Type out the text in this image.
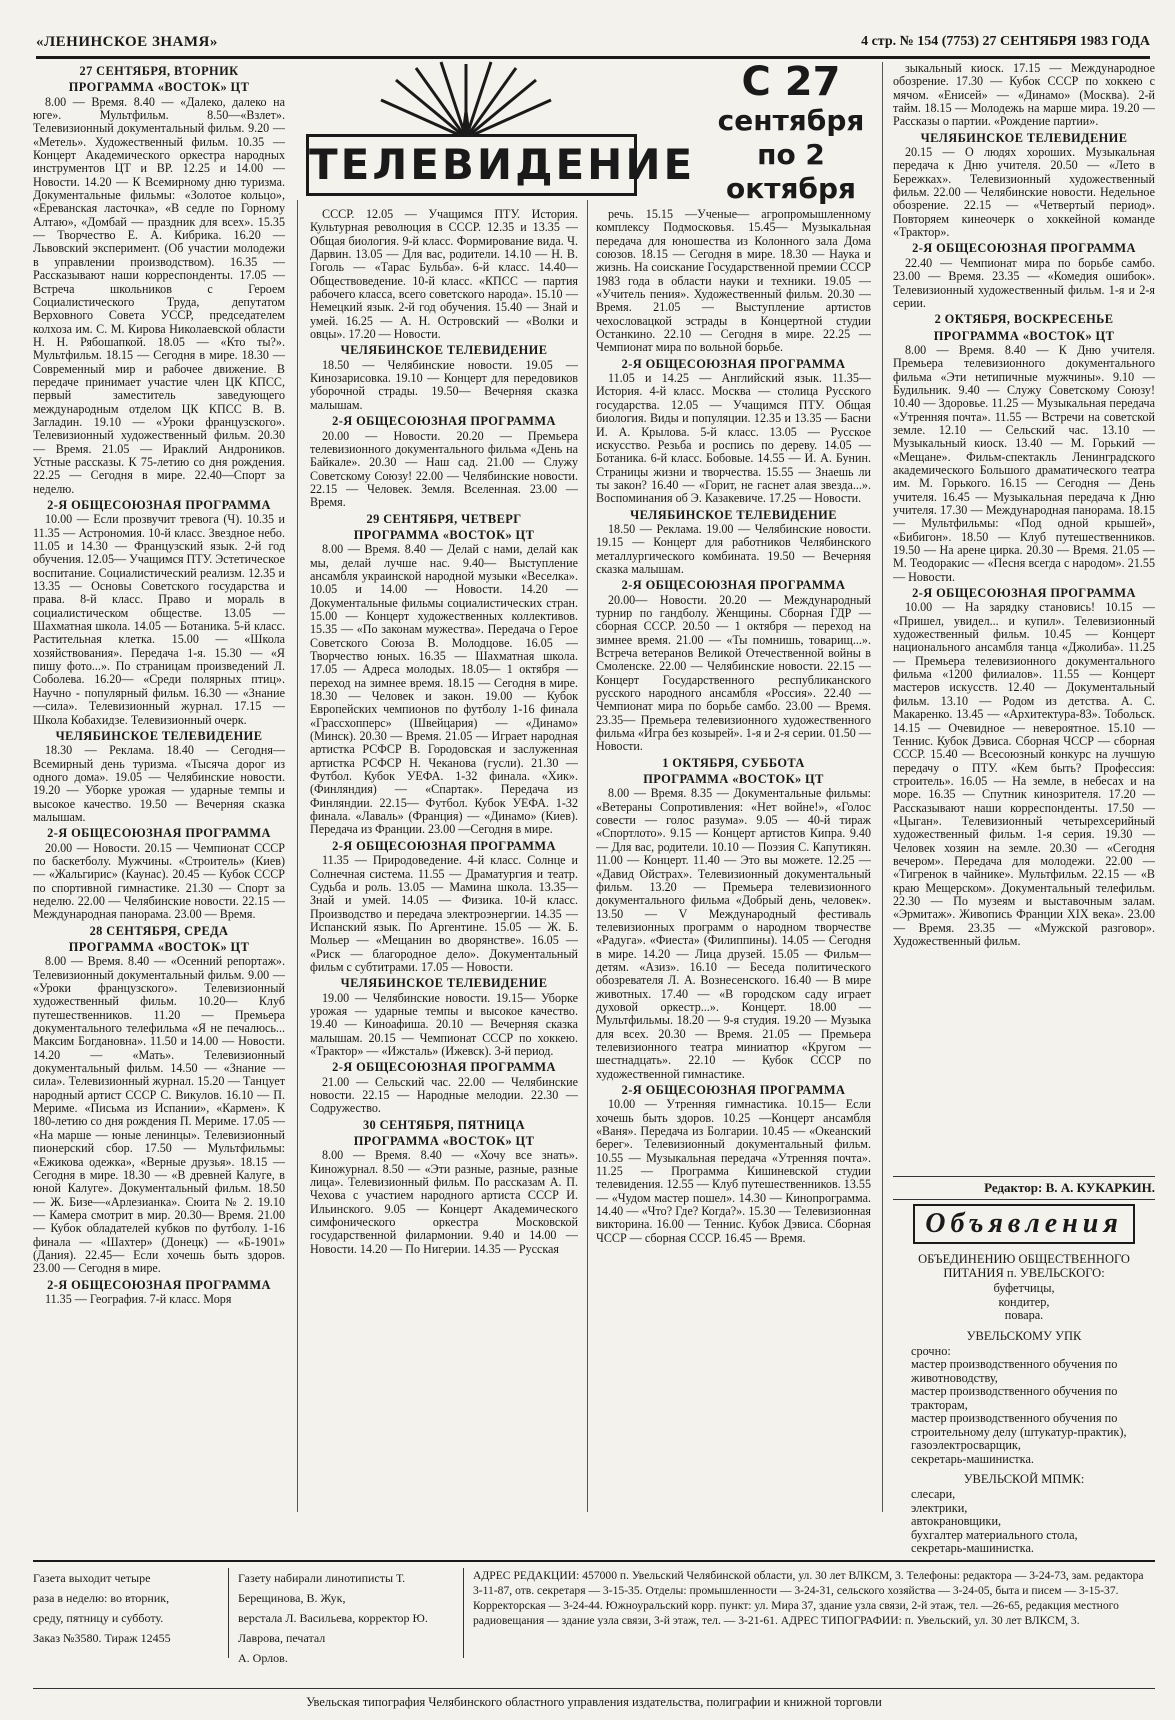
«ЛЕНИНСКОЕ ЗНАМЯ»	4 стр. № 154 (7753) 27 СЕНТЯБРЯ 1983 ГОДА
ТЕЛЕВИДЕНИЕ
С 27
сентября
по 2
октября
27 СЕНТЯБРЯ, ВТОРНИК
ПРОГРАММА «ВОСТОК» ЦТ

8.00 — Время. 8.40 — «Далеко, далеко на юге». Мультфильм. 8.50—«Взлет». Телевизионный документальный фильм. 9.20 — «Метель». Художественный фильм. 10.35 — Концерт Академического оркестра народных инструментов ЦТ и ВР. 12.25 и 14.00 — Новости. 14.20 — К Всемирному дню туризма. Документальные фильмы: «Золотое кольцо», «Ереванская ласточка», «В седле по Горному Алтаю», «Домбай — праздник для всех». 15.35 — Творчество Е. А. Кибрика. 16.20 — Львовский эксперимент. (Об участии молодежи в управлении производством). 16.35 — Рассказывают наши корреспонденты. 17.05 — Встреча школьников с Героем Социалистического Труда, депутатом Верховного Совета УССР, председателем колхоза им. С. М. Кирова Николаевской области Н. Н. Рябошапкой. 18.05 — «Кто ты?». Мультфильм. 18.15 — Сегодня в мире. 18.30 — Современный мир и рабочее движение. В передаче принимает участие член ЦК КПСС, первый заместитель заведующего международным отделом ЦК КПСС В. В. Загладин. 19.10 — «Уроки французского». Телевизионный художественный фильм. 20.30 — Время. 21.05 — Ираклий Андроников. Устные рассказы. К 75-летию со дня рождения. 22.25 — Сегодня в мире. 22.40—Спорт за неделю.

2-Я ОБЩЕСОЮЗНАЯ ПРОГРАММА

10.00 — Если прозвучит тревога (Ч). 10.35 и 11.35 — Астрономия. 10-й класс. Звездное небо. 11.05 и 14.30 — Французский язык. 2-й год обучения. 12.05— Учащимся ПТУ. Эстетическое воспитание. Социалистический реализм. 12.35 и 13.35 — Основы Советского государства и права. 8-й класс. Право и мораль в социалистическом обществе. 13.05 — Шахматная школа. 14.05 — Ботаника. 5-й класс. Растительная клетка. 15.00 — «Школа хозяйствования». Передача 1-я. 15.30 — «Я пишу фото...». По страницам произведений Л. Соболева. 16.20— «Среди полярных птиц». Научно - популярный фильм. 16.30 — «Знание—сила». Телевизионный журнал. 17.15 — Школа Кобахидзе. Телевизионный очерк.

ЧЕЛЯБИНСКОЕ ТЕЛЕВИДЕНИЕ

18.30 — Реклама. 18.40 — Сегодня— Всемирный день туризма. «Тысяча дорог из одного дома». 19.05 — Челябинские новости. 19.20 — Уборке урожая — ударные темпы и высокое качество. 19.50 — Вечерняя сказка малышам.

2-Я ОБЩЕСОЮЗНАЯ ПРОГРАММА

20.00 — Новости. 20.15 — Чемпионат СССР по баскетболу. Мужчины. «Строитель» (Киев) — «Жальгирис» (Каунас). 20.45 — Кубок СССР по спортивной гимнастике. 21.30 — Спорт за неделю. 22.00 — Челябинские новости. 22.15 — Международная панорама. 23.00 — Время.

28 СЕНТЯБРЯ, СРЕДА
ПРОГРАММА «ВОСТОК» ЦТ

8.00 — Время. 8.40 — «Осенний репортаж». Телевизионный документальный фильм. 9.00 — «Уроки французского». Телевизионный художественный фильм. 10.20— Клуб путешественников. 11.20 — Премьера документального телефильма «Я не печалюсь... Максим Богдановна». 11.50 и 14.00 — Новости. 14.20 — «Мать». Телевизионный документальный фильм. 14.50 — «Знание — сила». Телевизионный журнал. 15.20 — Танцует народный артист СССР С. Викулов. 16.10 — П. Мериме. «Письма из Испании», «Кармен». К 180-летию со дня рождения П. Мериме. 17.05 — «На марше — юные ленинцы». Телевизионный пионерский сбор. 17.50 — Мультфильмы: «Ежикова одежка», «Верные друзья». 18.15 — Сегодня в мире. 18.30 — «В древней Калуге, в юной Калуге». Документальный фильм. 18.50 — Ж. Бизе—«Арлезианка». Сюита № 2. 19.10 — Камера смотрит в мир. 20.30— Время. 21.00— Кубок обладателей кубков по футболу. 1-16 финала — «Шахтер» (Донецк) — «Б-1901» (Дания). 22.45— Если хочешь быть здоров. 23.00 — Сегодня в мире.

2-Я ОБЩЕСОЮЗНАЯ ПРОГРАММА

11.35 — География. 7-й класс. Моря

СССР. 12.05 — Учащимся ПТУ. История. Культурная революция в СССР. 12.35 и 13.35 — Общая биология. 9-й класс. Формирование вида. Ч. Дарвин. 13.05 — Для вас, родители. 14.10 — Н. В. Гоголь — «Тарас Бульба». 6-й класс. 14.40—Обществоведение. 10-й класс. «КПСС — партия рабочего класса, всего советского народа». 15.10 — Немецкий язык. 2-й год обучения. 15.40 — Знай и умей. 16.25 — А. Н. Островский — «Волки и овцы». 17.20 — Новости.

ЧЕЛЯБИНСКОЕ ТЕЛЕВИДЕНИЕ

18.50 — Челябинские новости. 19.05 — Кинозарисовка. 19.10 — Концерт для передовиков уборочной страды. 19.50— Вечерняя сказка малышам.

2-Я ОБЩЕСОЮЗНАЯ ПРОГРАММА

20.00 — Новости. 20.20 — Премьера телевизионного документального фильма «День на Байкале». 20.30 — Наш сад. 21.00 — Служу Советскому Союзу! 22.00 — Челябинские новости. 22.15 — Человек. Земля. Вселенная. 23.00 — Время.

29 СЕНТЯБРЯ, ЧЕТВЕРГ
ПРОГРАММА «ВОСТОК» ЦТ

8.00 — Время. 8.40 — Делай с нами, делай как мы, делай лучше нас. 9.40— Выступление ансамбля украинской народной музыки «Веселка». 10.05 и 14.00 — Новости. 14.20 — Документальные фильмы социалистических стран. 15.00 — Концерт художественных коллективов. 15.35 — «По законам мужества». Передача о Герое Советского Союза В. Молодцове. 16.05 — Творчество юных. 16.35 — Шахматная школа. 17.05 — Адреса молодых. 18.05— 1 октября — переход на зимнее время. 18.15 — Сегодня в мире. 18.30 — Человек и закон. 19.00 — Кубок Европейских чемпионов по футболу 1-16 финала «Грассхопперс» (Швейцария) — «Динамо» (Минск). 20.30 — Время. 21.05 — Играет народная артистка РСФСР В. Городовская и заслуженная артистка РСФСР Н. Чеканова (гусли). 21.30 — Футбол. Кубок УЕФА. 1-32 финала. «Хик». (Финляндия) — «Спартак». Передача из Финляндии. 22.15— Футбол. Кубок УЕФА. 1-32 финала. «Лаваль» (Франция) — «Динамо» (Киев). Передача из Франции. 23.00 —Сегодня в мире.

2-Я ОБЩЕСОЮЗНАЯ ПРОГРАММА

11.35 — Природоведение. 4-й класс. Солнце и Солнечная система. 11.55 — Драматургия и театр. Судьба и роль. 13.05 — Мамина школа. 13.35— Знай и умей. 14.05 — Физика. 10-й класс. Производство и передача электроэнергии. 14.35 — Испанский язык. По Аргентине. 15.05 — Ж. Б. Мольер — «Мещанин во дворянстве». 16.05 — «Риск — благородное дело». Документальный фильм с субтитрами. 17.05 — Новости.

ЧЕЛЯБИНСКОЕ ТЕЛЕВИДЕНИЕ

19.00 — Челябинские новости. 19.15— Уборке урожая — ударные темпы и высокое качество. 19.40 — Киноафиша. 20.10 — Вечерняя сказка малышам. 20.15 — Чемпионат СССР по хоккею. «Трактор» — «Ижсталь» (Ижевск). 3-й период.

2-Я ОБЩЕСОЮЗНАЯ ПРОГРАММА

21.00 — Сельский час. 22.00 — Челябинские новости. 22.15 — Народные мелодии. 22.30 — Содружество.

30 СЕНТЯБРЯ, ПЯТНИЦА
ПРОГРАММА «ВОСТОК» ЦТ

8.00 — Время. 8.40 — «Хочу все знать». Киножурнал. 8.50 — «Эти разные, разные, разные лица». Телевизионный фильм. По рассказам А. П. Чехова с участием народного артиста СССР И. Ильинского. 9.05 — Концерт Академического симфонического оркестра Московской государственной филармонии. 9.40 и 14.00 — Новости. 14.20 — По Нигерии. 14.35 — Русская

речь. 15.15 —Ученые— агропромышленному комплексу Подмосковья. 15.45— Музыкальная передача для юношества из Колонного зала Дома союзов. 18.15 — Сегодня в мире. 18.30 — Наука и жизнь. На соискание Государственной премии СССР 1983 года в области науки и техники. 19.05 — «Учитель пения». Художественный фильм. 20.30 — Время. 21.05 — Выступление артистов чехословацкой эстрады в Концертной студии Останкино. 22.10 — Сегодня в мире. 22.25 —Чемпионат мира по вольной борьбе.

2-Я ОБЩЕСОЮЗНАЯ ПРОГРАММА

11.05 и 14.25 — Английский язык. 11.35— История. 4-й класс. Москва — столица Русского государства. 12.05 — Учащимся ПТУ. Общая биология. Виды и популяции. 12.35 и 13.35 — Басни И. А. Крылова. 5-й класс. 13.05 — Русское искусство. Резьба и роспись по дереву. 14.05 — Ботаника. 6-й класс. Бобовые. 14.55 — И. А. Бунин. Страницы жизни и творчества. 15.55 — Знаешь ли ты закон? 16.40 — «Горит, не гаснет алая звезда...». Воспоминания об Э. Казакевиче. 17.25 — Новости.

ЧЕЛЯБИНСКОЕ ТЕЛЕВИДЕНИЕ

18.50 — Реклама. 19.00 — Челябинские новости. 19.15 — Концерт для работников Челябинского металлургического комбината. 19.50 — Вечерняя сказка малышам.

2-Я ОБЩЕСОЮЗНАЯ ПРОГРАММА

20.00— Новости. 20.20 — Международный турнир по гандболу. Женщины. Сборная ГДР — сборная СССР. 20.50 — 1 октября — переход на зимнее время. 21.00 — «Ты помнишь, товарищ...». Встреча ветеранов Великой Отечественной войны в Смоленске. 22.00 — Челябинские новости. 22.15 — Концерт Государственного республиканского русского народного ансамбля «Россия». 22.40 — Чемпионат мира по борьбе самбо. 23.00 — Время. 23.35— Премьера телевизионного художественного фильма «Игра без козырей». 1-я и 2-я серии. 01.50 — Новости.

1 ОКТЯБРЯ, СУББОТА
ПРОГРАММА «ВОСТОК» ЦТ

8.00 — Время. 8.35 — Документальные фильмы: «Ветераны Сопротивления: «Нет войне!», «Голос совести — голос разума». 9.05 — 40-й тираж «Спортлото». 9.15 — Концерт артистов Кипра. 9.40 — Для вас, родители. 10.10 — Поэзия С. Капутикян. 11.00 — Концерт. 11.40 — Это вы можете. 12.25 — «Давид Ойстрах». Телевизионный документальный фильм. 13.20 — Премьера телевизионного документального фильма «Добрый день, человек». 13.50 — V Международный фестиваль телевизионных программ о народном творчестве «Радуга». «Фиеста» (Филиппины). 14.05 — Сегодня в мире. 14.20 — Лица друзей. 15.05 — Фильм—детям. «Азиз». 16.10 — Беседа политического обозревателя Л. А. Вознесенского. 16.40 — В мире животных. 17.40 — «В городском саду играет духовой оркестр...». Концерт. 18.00 — Мультфильмы. 18.20 — 9-я студия. 19.20 — Музыка для всех. 20.30 — Время. 21.05 — Премьера телевизионного театра миниатюр «Кругом — шестнадцать». 22.10 — Кубок СССР по художественной гимнастике.

2-Я ОБЩЕСОЮЗНАЯ ПРОГРАММА

10.00 — Утренняя гимнастика. 10.15— Если хочешь быть здоров. 10.25 —Концерт ансамбля «Ваня». Передача из Болгарии. 10.45 — «Океанский берег». Телевизионный документальный фильм. 10.55 — Музыкальная передача «Утренняя почта». 11.25 — Программа Кишиневской студии телевидения. 12.55 — Клуб путешественников. 13.55 — «Чудом мастер пошел». 14.30 — Кинопрограмма. 14.40 — «Что? Где? Когда?». 15.30 — Телевизионная викторина. 16.00 — Теннис. Кубок Дэвиса. Сборная ЧССР — сборная СССР. 16.45 — Время.

зыкальный киоск. 17.15 — Международное обозрение. 17.30 — Кубок СССР по хоккею с мячом. «Енисей» — «Динамо» (Москва). 2-й тайм. 18.15 — Молодежь на марше мира. 19.20 — Рассказы о партии. «Рождение партии».

ЧЕЛЯБИНСКОЕ ТЕЛЕВИДЕНИЕ

20.15 — О людях хороших. Музыкальная передача к Дню учителя. 20.50 — «Лето в Бережках». Телевизионный художественный фильм. 22.00 — Челябинские новости. Недельное обозрение. 22.15 — «Четвертый период». Повторяем кинеочерк о хоккейной команде «Трактор».

2-Я ОБЩЕСОЮЗНАЯ ПРОГРАММА

22.40 — Чемпионат мира по борьбе самбо. 23.00 — Время. 23.35 — «Комедия ошибок». Телевизионный художественный фильм. 1-я и 2-я серии.

2 ОКТЯБРЯ, ВОСКРЕСЕНЬЕ
ПРОГРАММА «ВОСТОК» ЦТ

8.00 — Время. 8.40 — К Дню учителя. Премьера телевизионного документального фильма «Эти нетипичные мужчины». 9.10 — Будильник. 9.40 — Служу Советскому Союзу! 10.40 — Здоровье. 11.25 — Музыкальная передача «Утренняя почта». 11.55 — Встречи на советской земле. 12.10 — Сельский час. 13.10 — Музыкальный киоск. 13.40 — М. Горький — «Мещане». Фильм-спектакль Ленинградского академического Большого драматического театра им. М. Горького. 16.15 — Сегодня — День учителя. 16.45 — Музыкальная передача к Дню учителя. 17.30 — Международная панорама. 18.15 — Мультфильмы: «Под одной крышей», «Бибигон». 18.50 — Клуб путешественников. 19.50 — На арене цирка. 20.30 — Время. 21.05 — М. Теодоракис — «Песня всегда с народом». 21.55 — Новости.

2-Я ОБЩЕСОЮЗНАЯ ПРОГРАММА

10.00 — На зарядку становись! 10.15 — «Пришел, увидел... и купил». Телевизионный художественный фильм. 10.45 — Концерт национального ансамбля танца «Джолиба». 11.25 — Премьера телевизионного документального фильма «1200 филиалов». 11.55 — Концерт мастеров искусств. 12.40 — Документальный фильм. 13.10 — Родом из детства. А. С. Макаренко. 13.45 — «Архитектура-83». Тобольск. 14.15 — Очевидное — невероятное. 15.10 — Теннис. Кубок Дэвиса. Сборная ЧССР — сборная СССР. 15.40 — Всесоюзный конкурс на лучшую передачу о ПТУ. «Кем быть? Профессия: строитель». 16.05 — На земле, в небесах и на море. 16.35 — Спутник кинозрителя. 17.20 — Рассказывают наши корреспонденты. 17.50 — «Цыган». Телевизионный четырехсерийный художественный фильм. 1-я серия. 19.30 — Человек хозяин на земле. 20.30 — «Сегодня вечером». Передача для молодежи. 22.00 — «Тигренок в чайнике». Мультфильм. 22.15 — «В краю Мещерском». Документальный телефильм. 22.30 — По музеям и выставочным залам. «Эрмитаж». Живопись Франции XIX века». 23.00 — Время. 23.35 — «Мужской разговор». Художественный фильм.

Редактор: В. А. КУКАРКИН.
Объявления
ОБЪЕДИНЕНИЮ ОБЩЕСТВЕННОГО ПИТАНИЯ п. УВЕЛЬСКОГО:
буфетчицы,
кондитер,
повара.
УВЕЛЬСКОМУ УПК
срочно:
мастер производственного обучения по животноводству,
мастер производственного обучения по тракторам,
мастер производственного обучения по строительному делу (штукатур-практик),
газоэлектросварщик,
секретарь-машинистка.
УВЕЛЬСКОЙ МПМК:
слесари,
электрики,
автокрановщики,
бухгалтер материального стола,
секретарь-машинистка.
Газета выходит четыре
раза в неделю: во вторник,
среду, пятницу и субботу.
Заказ №3580. Тираж 12455
Газету набирали линотиписты Т. Берещинова, В. Жук,
верстала Л. Васильева, корректор Ю. Лаврова, печатал
А. Орлов.
АДРЕС РЕДАКЦИИ: 457000 п. Увельский Челябинской области, ул. 30 лет ВЛКСМ, 3. Телефоны: редактора — 3-24-73, зам. редактора 3-11-87, отв. секретаря — 3-15-35. Отделы: промышленности — 3-24-31, сельского хозяйства — 3-24-05, быта и писем — 3-15-37. Корректорская — 3-24-44. Южноуральский корр. пункт: ул. Мира 37, здание узла связи, 2-й этаж, тел. —26-65, редакция местного радиовещания — здание узла связи, 3-й этаж, тел. — 3-21-61. АДРЕС ТИПОГРАФИИ: п. Увельский, ул. 30 лет ВЛКСМ, 3.
Увельская типография Челябинского областного управления издательства, полиграфии и книжной торговли
